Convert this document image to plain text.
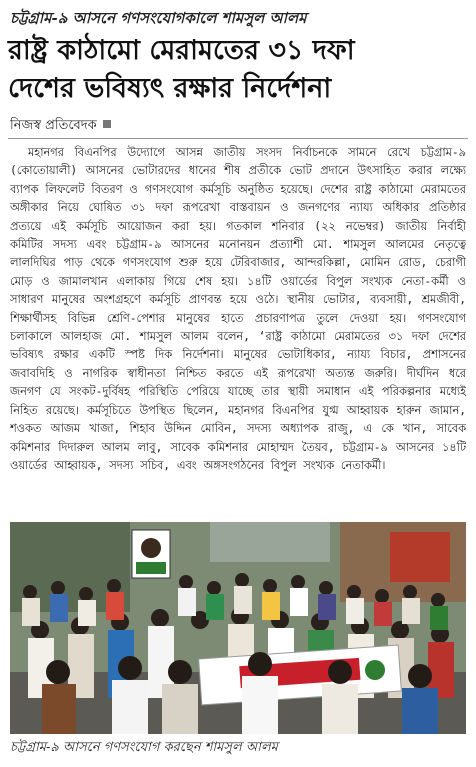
চট্টগ্রাম-৯ আসনে গণসংযোগকালে শামসুল আলম
রাষ্ট্র কাঠামো মেরামতের ৩১ দফা
দেশের ভবিষ্যৎ রক্ষার নির্দেশনা
নিজস্ব প্রতিবেদক

মহানগর বিএনপির উদ্যোগে আসন্ন জাতীয় সংসদ নির্বাচনকে সামনে রেখে চট্টগ্রাম-৯ (কোতোয়ালী) আসনের ভোটারদের ধানের শীষ প্রতীকে ভোট প্রদানে উৎসাহিত করার লক্ষ্যে ব্যাপক লিফলেট বিতরণ ও গণসংযোগ কর্মসূচি অনুষ্ঠিত হয়েছে। দেশের রাষ্ট্র কাঠামো মেরামতের অঙ্গীকার নিয়ে ঘোষিত ৩১ দফা রূপরেখা বাস্তবায়ন ও জনগণের ন্যায্য অধিকার প্রতিষ্ঠার প্রত্যয়ে এই কর্মসূচি আয়োজন করা হয়। গতকাল শনিবার (২২ নভেম্বর) জাতীয় নির্বাহী কমিটির সদস্য এবং চট্টগ্রাম-৯ আসনের মনোনয়ন প্রত্যাশী মো. শামসুল আলমের নেতৃত্বে লালদিঘির পাড় থেকে গণসংযোগ শুরু হয়ে টেরিবাজার, আন্দরকিল্লা, মোমিন রোড, চেরাগী মোড় ও জামালখান এলাকায় গিয়ে শেষ হয়। ১৪টি ওয়ার্ডের বিপুল সংখ্যক নেতা-কর্মী ও সাধারণ মানুষের অংশগ্রহণে কর্মসূচি প্রাণবন্ত হয়ে ওঠে। স্থানীয় ভোটার, ব্যবসায়ী, শ্রমজীবী, শিক্ষার্থীসহ বিভিন্ন শ্রেণি-পেশার মানুষের হাতে প্রচারণাপত্র তুলে দেওয়া হয়। গণসংযোগ চলাকালে আলহাজ মো. শামসুল আলম বলেন, ‘রাষ্ট্র কাঠামো মেরামতের ৩১ দফা দেশের ভবিষ্যৎ রক্ষার একটি স্পষ্ট দিক নির্দেশনা। মানুষের ভোটাধিকার, ন্যায্য বিচার, প্রশাসনের জবাবদিহি ও নাগরিক স্বাধীনতা নিশ্চিত করতে এই রূপরেখা অত্যন্ত জরুরি। দীর্ঘদিন ধরে জনগণ যে সংকট-দুর্বিষহ পরিস্থিতি পেরিয়ে যাচ্ছে তার স্থায়ী সমাধান এই পরিকল্পনার মধ্যেই নিহিত রয়েছে। কর্মসূচিতে উপস্থিত ছিলেন, মহানগর বিএনপির যুগ্ম আহ্বায়ক হারুন জামান, শওকত আজম খাজা, শিহাব উদ্দিন মোবিন, সদস্য অধ্যাপক রাজু, এ কে খান, সাবেক কমিশনার দিদারুল আলম লাবু, সাবেক কমিশনার মোহাম্মদ তৈয়ব, চট্টগ্রাম-৯ আসনের ১৪টি ওয়ার্ডের আহ্বায়ক, সদস্য সচিব, এবং অঙ্গসংগঠনের বিপুল সংখ্যক নেতাকর্মী।

চট্টগ্রাম-৯ আসনে গণসংযোগ করছেন শামসুল আলম
